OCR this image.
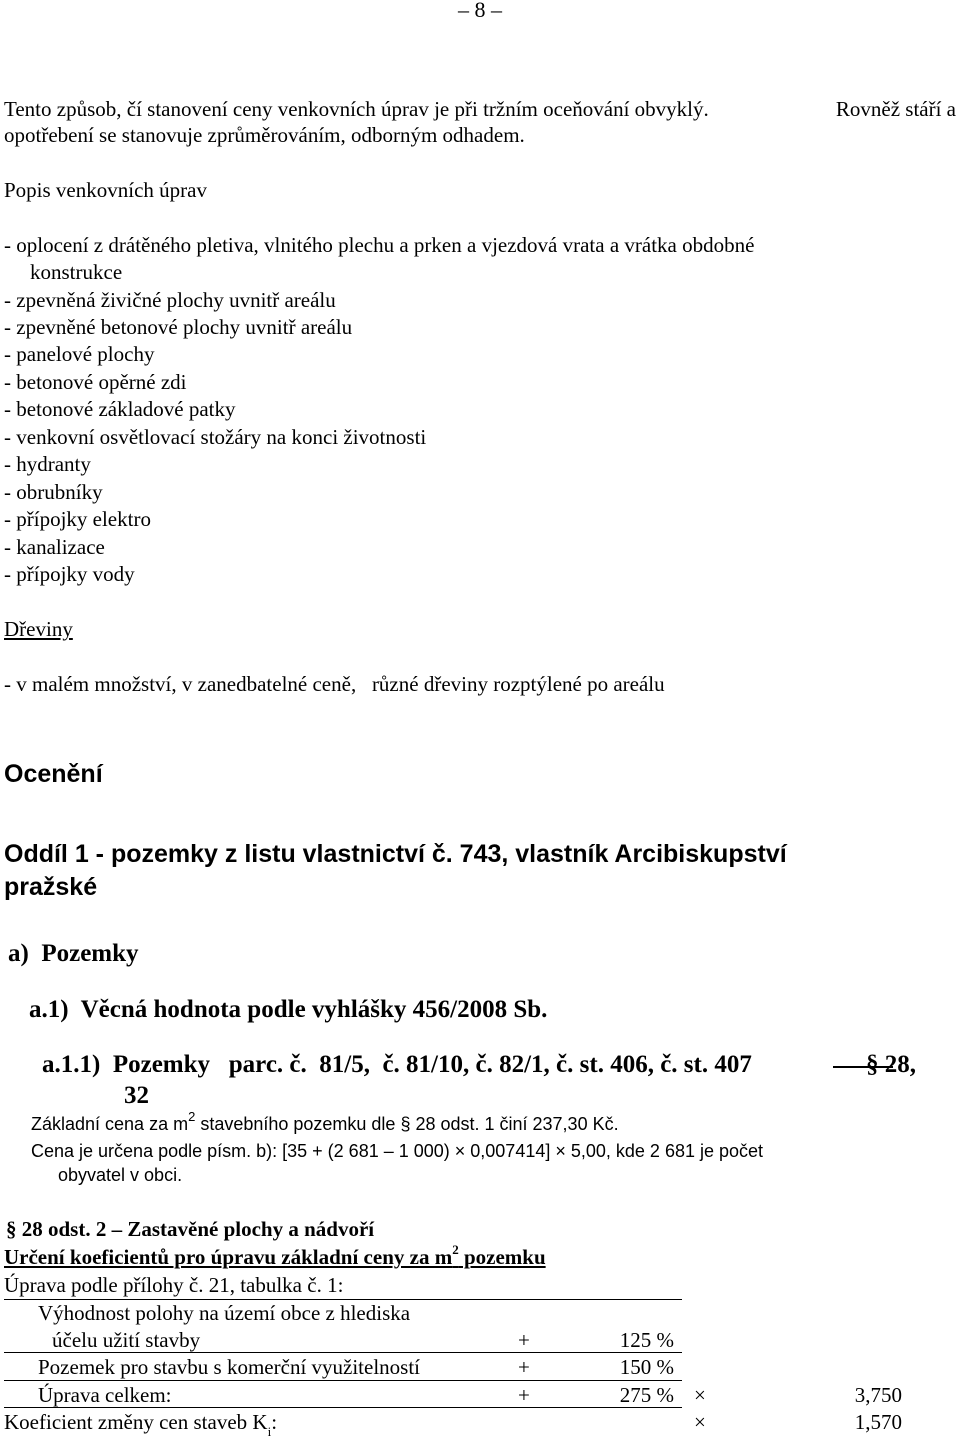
– 8 –
Tento způsob, čí stanovení ceny venkovních úprav je při tržním oceňování obvyklý.	Rovněž stáří a
opotřebení se stanovuje zprůměrováním, odborným odhadem.
Popis venkovních úprav
- oplocení z drátěného pletiva, vlnitého plechu a prken a vjezdová vrata a vrátka obdobné
konstrukce
- zpevněná živičné plochy uvnitř areálu
- zpevněné betonové plochy uvnitř areálu
- panelové plochy
- betonové opěrné zdi
- betonové základové patky
- venkovní osvětlovací stožáry na konci životnosti
- hydranty
- obrubníky
- přípojky elektro
- kanalizace
- přípojky vody
Dřeviny
- v malém množství, v zanedbatelné ceně,   různé dřeviny rozptýlené po areálu
Ocenění
Oddíl 1 - pozemky z listu vlastnictví č. 743, vlastník Arcibiskupství
pražské
a)  Pozemky
a.1)  Věcná hodnota podle vyhlášky 456/2008 Sb.
a.1.1)  Pozemky   parc. č.  81/5,  č. 81/10, č. 82/1, č. st. 406, č. st. 407	§ 28,
32
Základní cena za $m^2$ stavebního pozemku dle § 28 odst. 1 činí 237,30 Kč.
Cena je určena podle písm. b): [35 + (2 681 – 1 000) × 0,007414] × 5,00, kde 2 681 je počet
obyvatel v obci.
§ 28 odst. 2 – Zastavěné plochy a nádvoří
Určení koeficientů pro úpravu základní ceny za $m^2$ pozemku
Úprava podle přílohy č. 21, tabulka č. 1:
Výhodnost polohy na území obce z hlediska
účelu užití stavby	+	125 %
Pozemek pro stavbu s komerční využitelností	+	150 %
Úprava celkem:	+	275 % ×	3,750
Koeficient změny cen staveb $K_i$:	×	1,570
